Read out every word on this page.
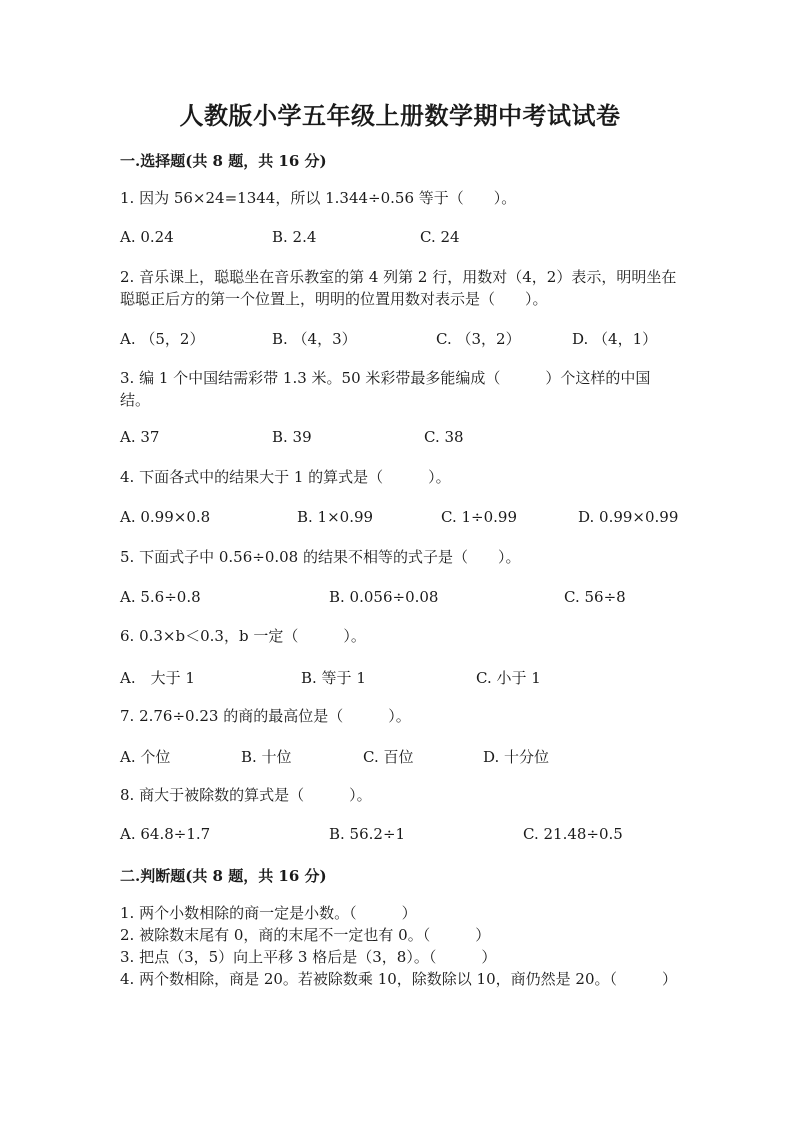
人教版小学五年级上册数学期中考试试卷
一.选择题(共 8 题，共 16 分)
1. 因为 56×24=1344，所以 1.344÷0.56 等于（　　）。
A. 0.24	B. 2.4	C. 24
2. 音乐课上，聪聪坐在音乐教室的第 4 列第 2 行，用数对（4，2）表示，明明坐在聪聪正后方的第一个位置上，明明的位置用数对表示是（　　）。
A. （5，2）	B. （4，3）	C. （3，2）	D. （4，1）
3. 编 1 个中国结需彩带 1.3 米。50 米彩带最多能编成（　　　）个这样的中国结。
A. 37	B. 39	C. 38
4. 下面各式中的结果大于 1 的算式是（　　　）。
A. 0.99×0.8	B. 1×0.99	C. 1÷0.99	D. 0.99×0.99
5. 下面式子中 0.56÷0.08 的结果不相等的式子是（　　）。
A. 5.6÷0.8	B. 0.056÷0.08	C. 56÷8
6. 0.3×b＜0.3，b 一定（　　　）。
A.　大于 1	B. 等于 1	C. 小于 1
7. 2.76÷0.23 的商的最高位是（　　　）。
A. 个位	B. 十位	C. 百位	D. 十分位
8. 商大于被除数的算式是（　　　）。
A. 64.8÷1.7	B. 56.2÷1	C. 21.48÷0.5
二.判断题(共 8 题，共 16 分)
1. 两个小数相除的商一定是小数。（　　　）
2. 被除数末尾有 0，商的末尾不一定也有 0。（　　　）
3. 把点（3，5）向上平移 3 格后是（3，8）。（　　　）
4. 两个数相除，商是 20。若被除数乘 10，除数除以 10，商仍然是 20。（　　　）
